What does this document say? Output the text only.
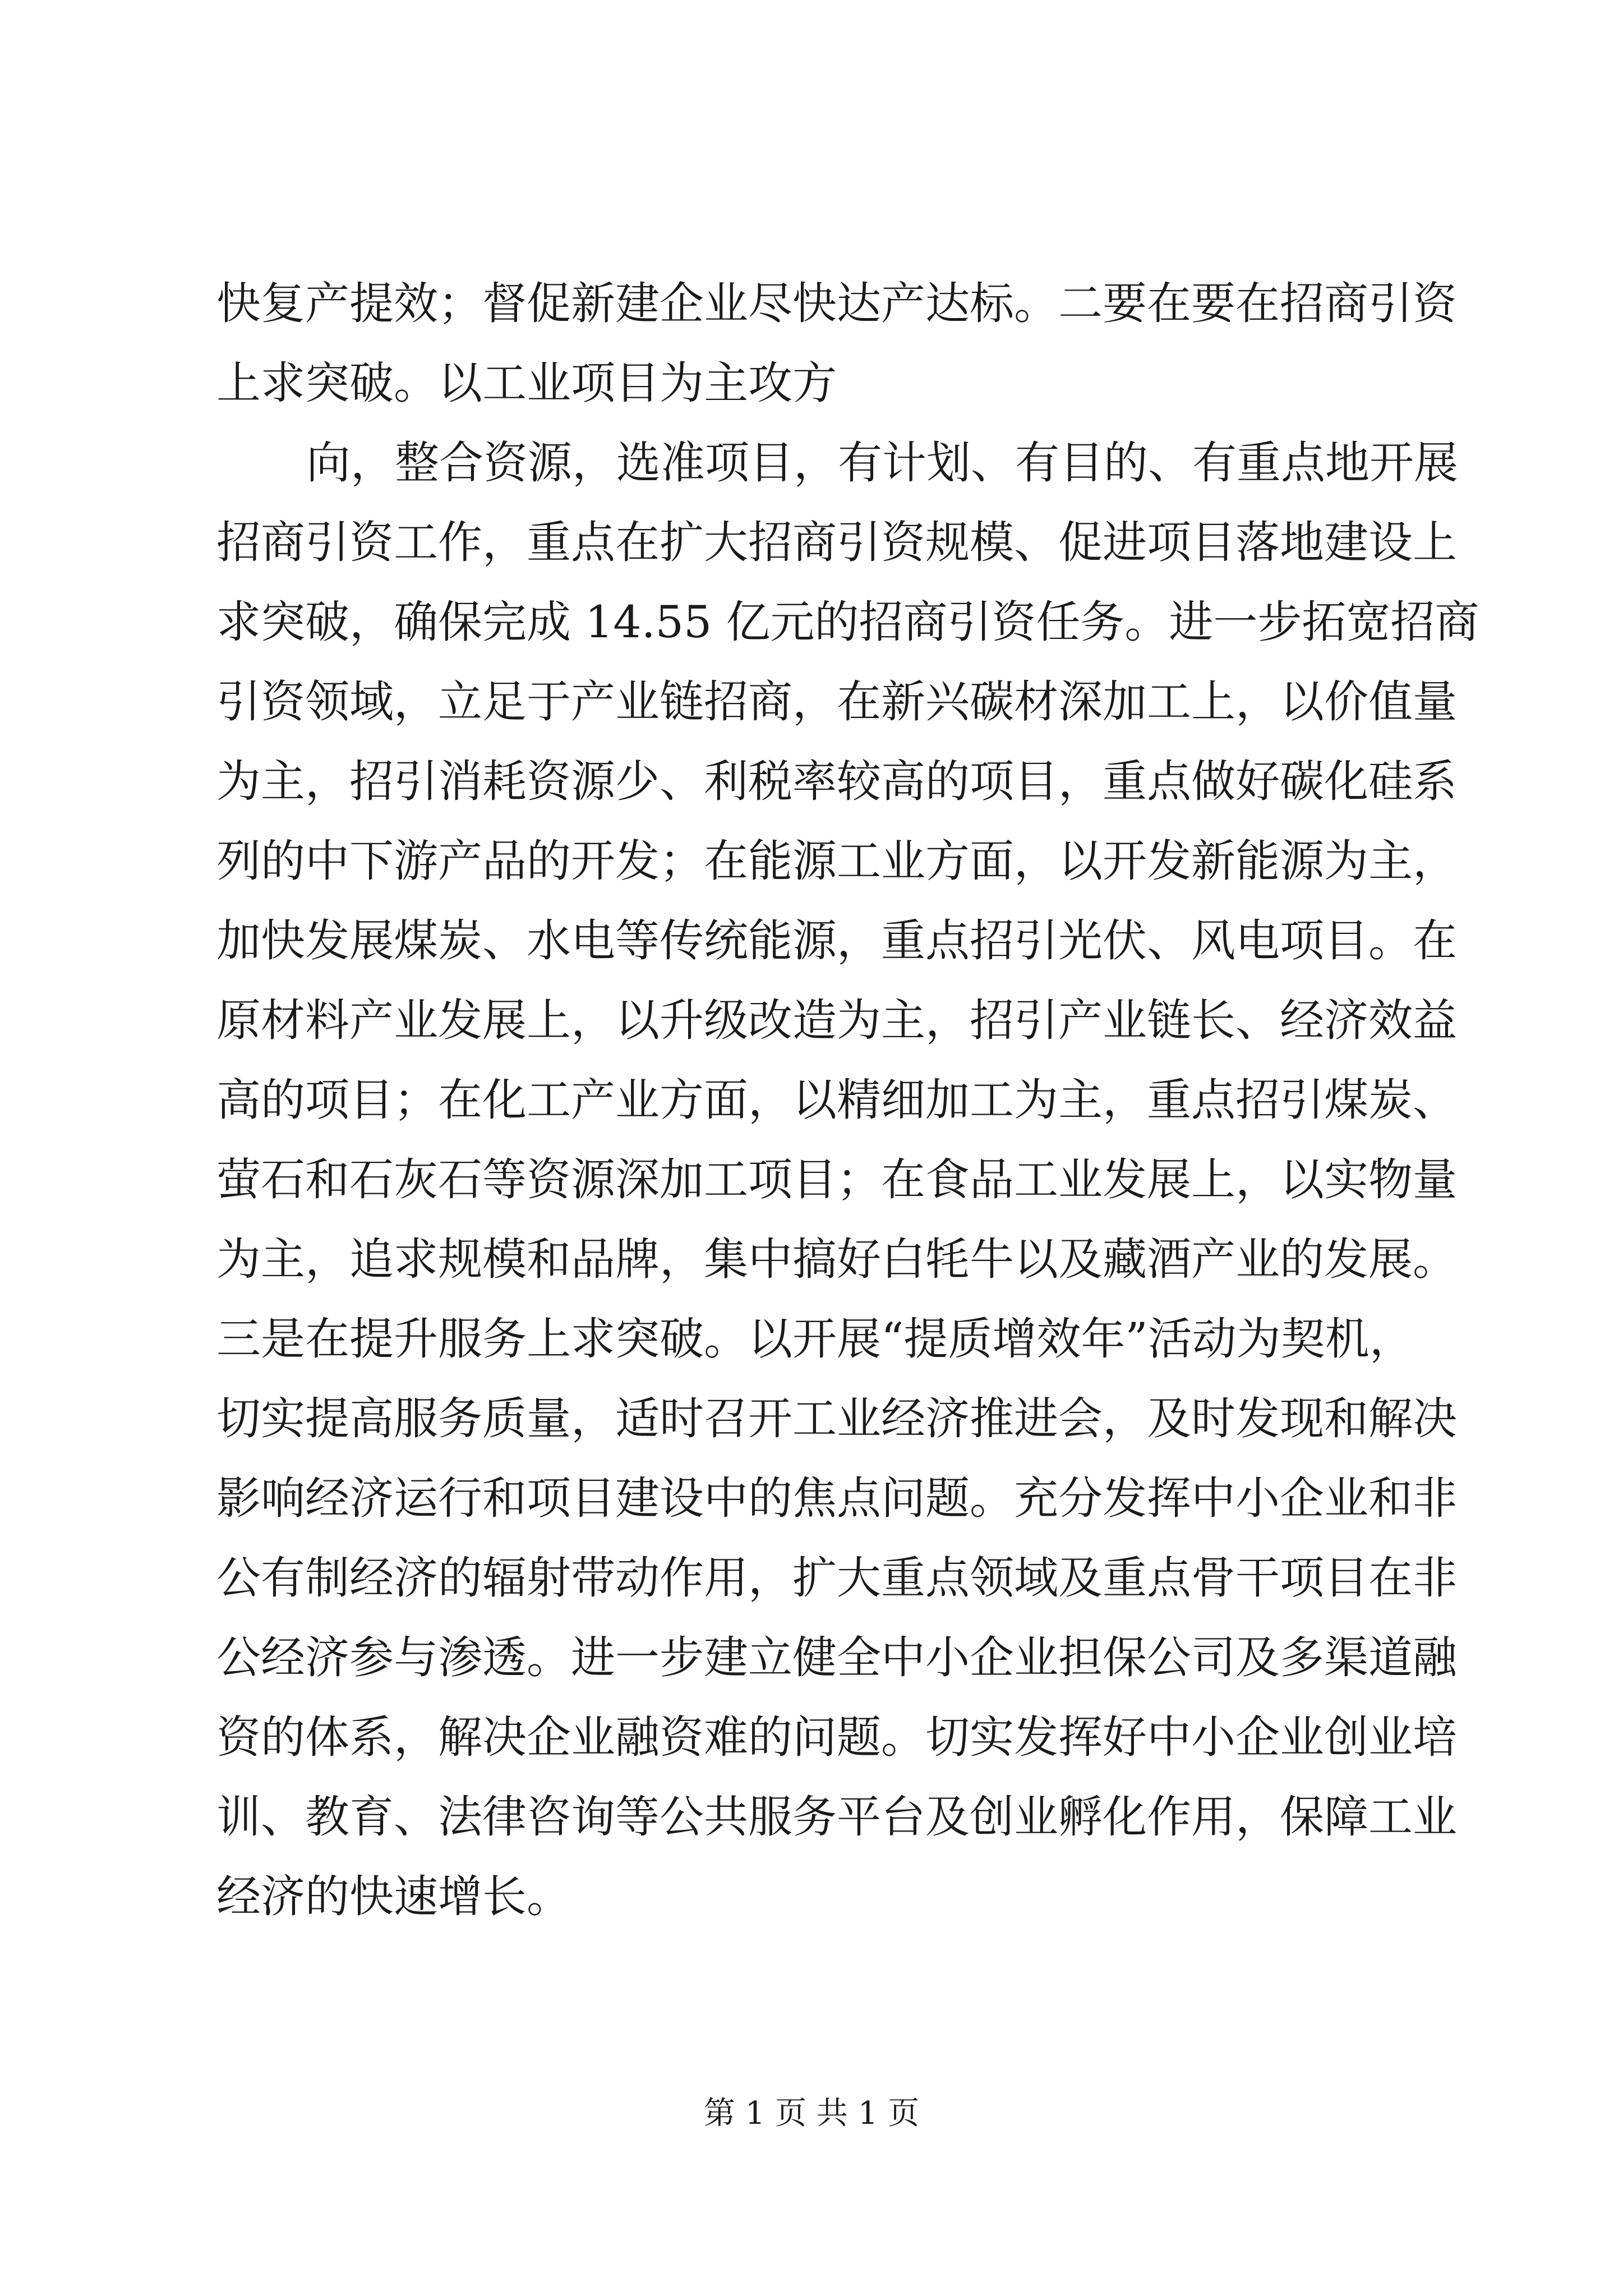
快复产提效；督促新建企业尽快达产达标。二要在要在招商引资
上求突破。以工业项目为主攻方
向，整合资源，选准项目，有计划、有目的、有重点地开展
招商引资工作，重点在扩大招商引资规模、促进项目落地建设上
求突破，确保完成 14.55 亿元的招商引资任务。进一步拓宽招商
引资领域，立足于产业链招商，在新兴碳材深加工上，以价值量
为主，招引消耗资源少、利税率较高的项目，重点做好碳化硅系
列的中下游产品的开发；在能源工业方面，以开发新能源为主，
加快发展煤炭、水电等传统能源，重点招引光伏、风电项目。在
原材料产业发展上，以升级改造为主，招引产业链长、经济效益
高的项目；在化工产业方面，以精细加工为主，重点招引煤炭、
萤石和石灰石等资源深加工项目；在食品工业发展上，以实物量
为主，追求规模和品牌，集中搞好白牦牛以及藏酒产业的发展。
三是在提升服务上求突破。以开展“提质增效年”活动为契机，
切实提高服务质量，适时召开工业经济推进会，及时发现和解决
影响经济运行和项目建设中的焦点问题。充分发挥中小企业和非
公有制经济的辐射带动作用，扩大重点领域及重点骨干项目在非
公经济参与渗透。进一步建立健全中小企业担保公司及多渠道融
资的体系，解决企业融资难的问题。切实发挥好中小企业创业培
训、教育、法律咨询等公共服务平台及创业孵化作用，保障工业
经济的快速增长。
第 1 页 共 1 页
